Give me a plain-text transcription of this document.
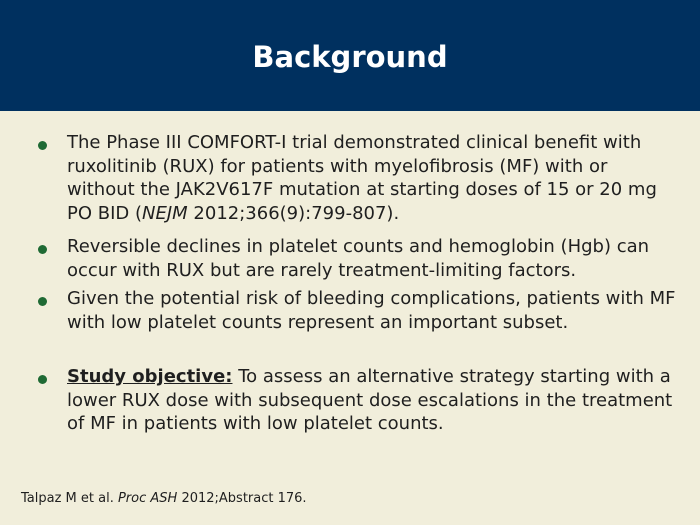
Background
The Phase III COMFORT-I trial demonstrated clinical benefit with ruxolitinib (RUX) for patients with myelofibrosis (MF) with or without the JAK2V617F mutation at starting doses of 15 or 20 mg PO BID (NEJM 2012;366(9):799-807).
Reversible declines in platelet counts and hemoglobin (Hgb) can occur with RUX but are rarely treatment-limiting factors.
Given the potential risk of bleeding complications, patients with MF with low platelet counts represent an important subset.
Study objective: To assess an alternative strategy starting with a lower RUX dose with subsequent dose escalations in the treatment of MF in patients with low platelet counts.
Talpaz M et al. Proc ASH 2012;Abstract 176.
